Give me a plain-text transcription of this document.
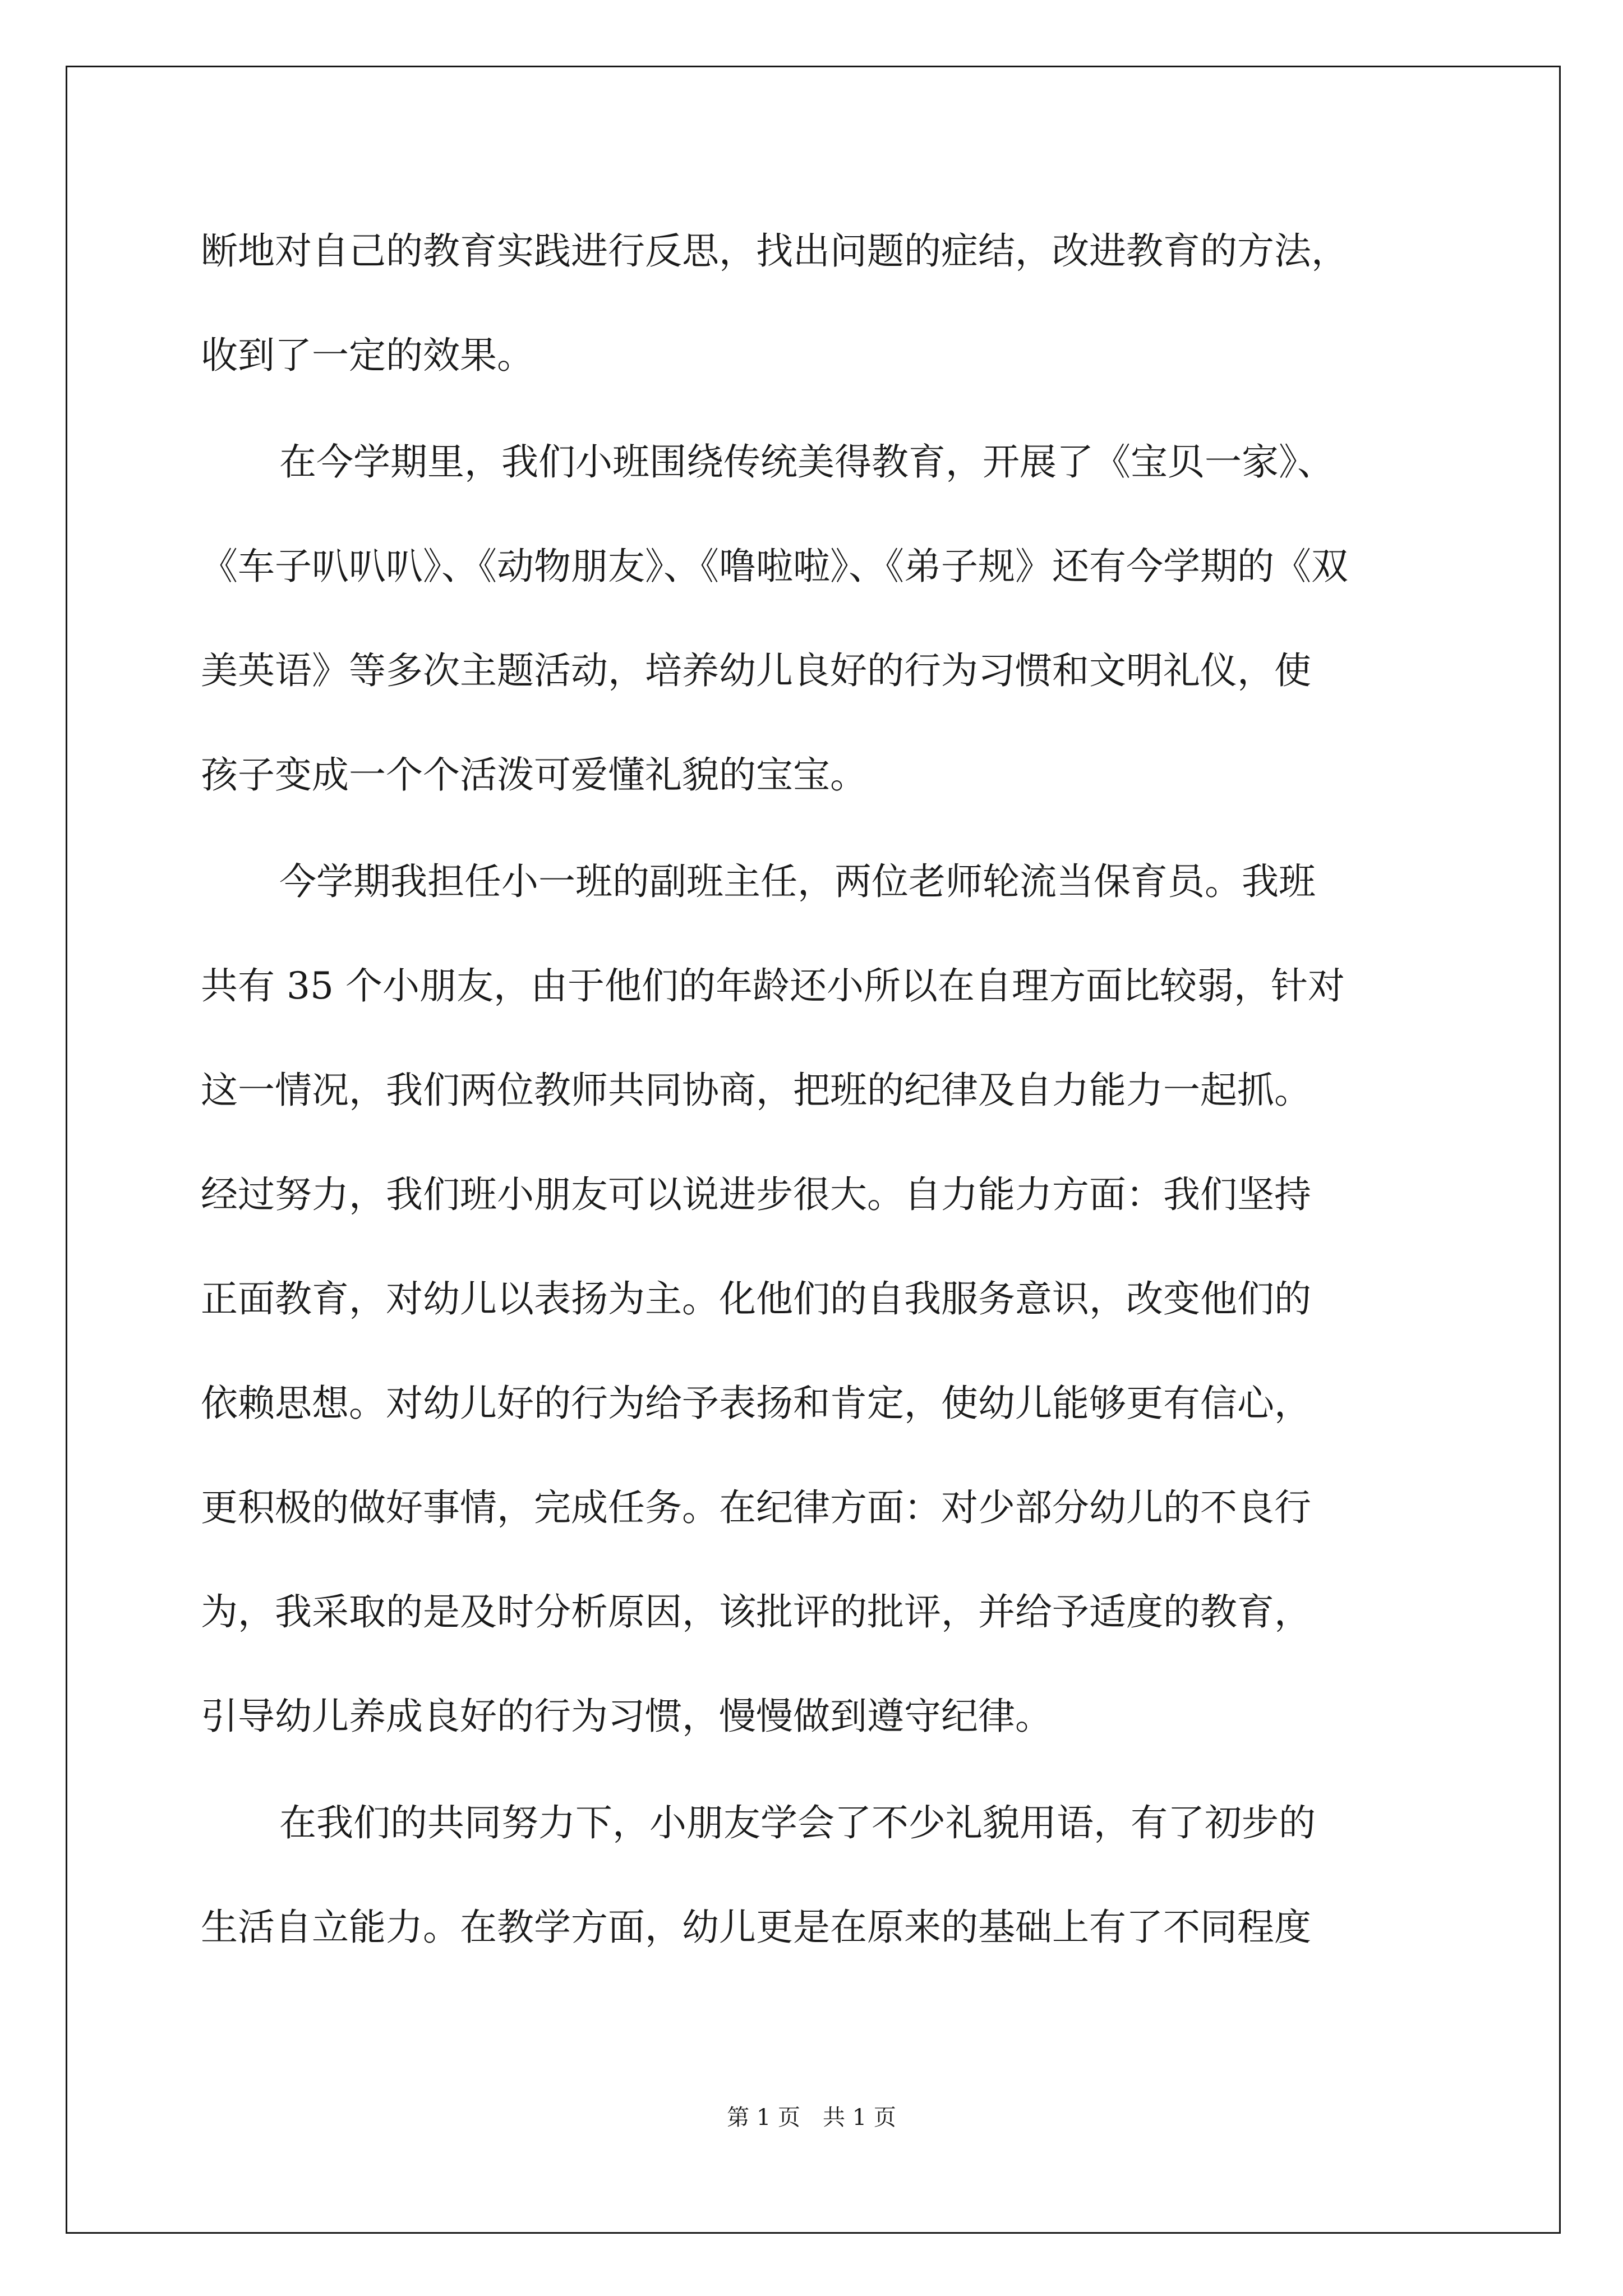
断地对自己的教育实践进行反思，找出问题的症结，改进教育的方法，
收到了一定的效果。
在今学期里，我们小班围绕传统美得教育，开展了《宝贝一家》、
《车子叭叭叭》、《动物朋友》、《噜啦啦》、《弟子规》还有今学期的《双
美英语》等多次主题活动，培养幼儿良好的行为习惯和文明礼仪，使
孩子变成一个个活泼可爱懂礼貌的宝宝。
今学期我担任小一班的副班主任，两位老师轮流当保育员。我班
共有 35 个小朋友，由于他们的年龄还小所以在自理方面比较弱，针对
这一情况，我们两位教师共同协商，把班的纪律及自力能力一起抓。
经过努力，我们班小朋友可以说进步很大。自力能力方面：我们坚持
正面教育，对幼儿以表扬为主。化他们的自我服务意识，改变他们的
依赖思想。对幼儿好的行为给予表扬和肯定，使幼儿能够更有信心，
更积极的做好事情，完成任务。在纪律方面：对少部分幼儿的不良行
为，我采取的是及时分析原因，该批评的批评，并给予适度的教育，
引导幼儿养成良好的行为习惯，慢慢做到遵守纪律。
在我们的共同努力下，小朋友学会了不少礼貌用语，有了初步的
生活自立能力。在教学方面，幼儿更是在原来的基础上有了不同程度
第 1 页 共 1 页
